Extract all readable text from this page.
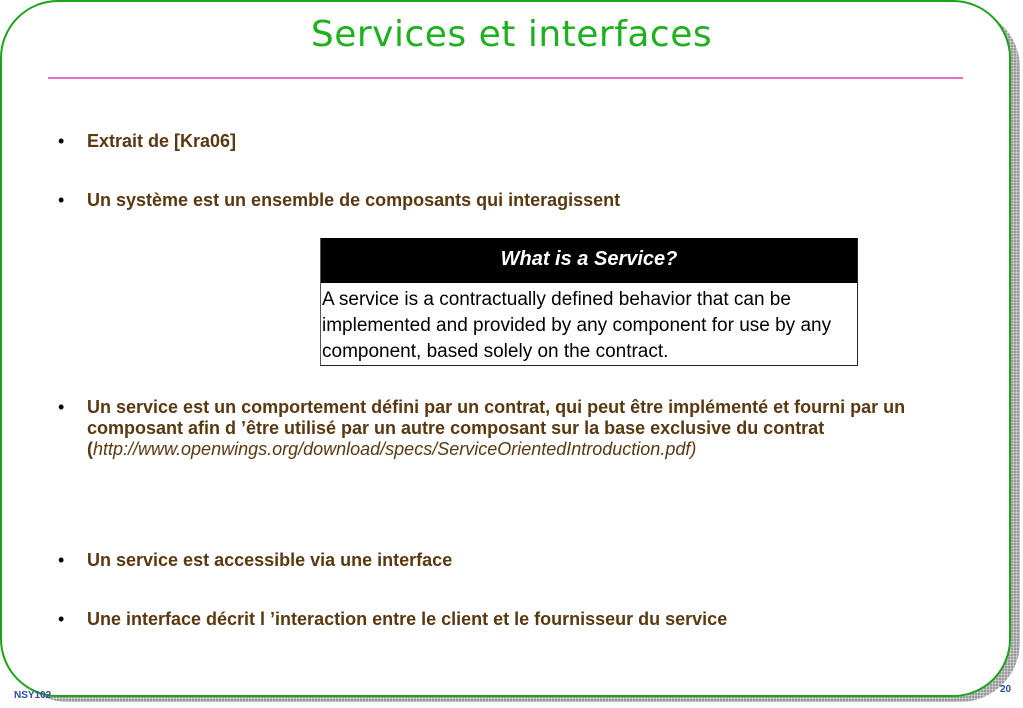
Services et interfaces
• Extrait de [Kra06]
• Un système est un ensemble de composants qui interagissent
What is a Service?
A service is a contractually defined behavior that can be implemented and provided by any component for use by any component, based solely on the contract.
• Un service est un comportement défini par un contrat, qui peut être implémenté et fourni par un composant afin d ’être utilisé par un autre composant sur la base exclusive du contrat
(http://www.openwings.org/download/specs/ServiceOrientedIntroduction.pdf)
• Un service est accessible via une interface
• Une interface décrit l ’interaction entre le client et le fournisseur du service
NSY102
20
